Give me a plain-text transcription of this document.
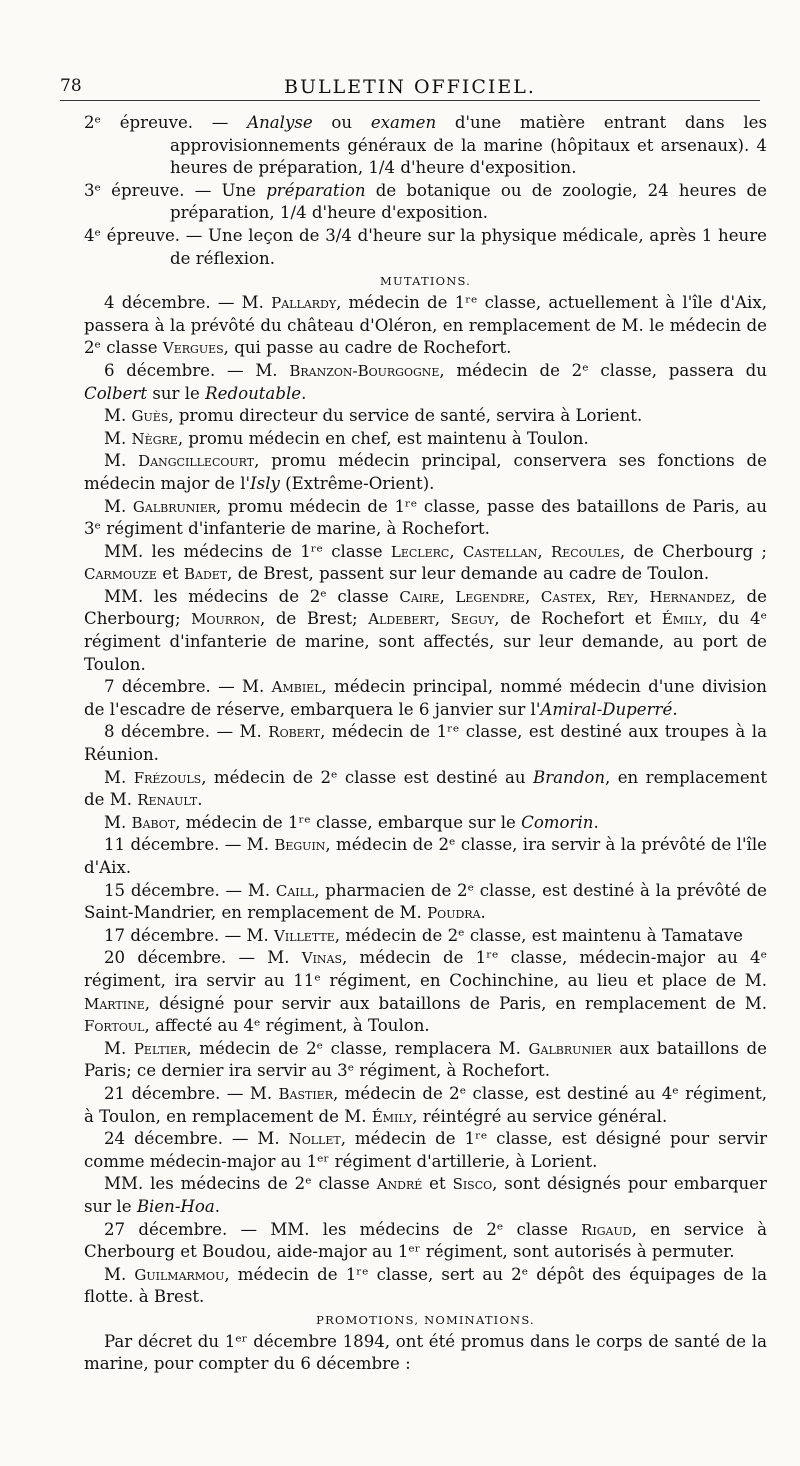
78	BULLETIN OFFICIEL.

2ᵉ épreuve. — Analyse ou examen d'une matière entrant dans les approvisionnements généraux de la marine (hôpitaux et arsenaux). 4 heures de préparation, 1/4 d'heure d'exposition.

3ᵉ épreuve. — Une préparation de botanique ou de zoologie, 24 heures de préparation, 1/4 d'heure d'exposition.

4ᵉ épreuve. — Une leçon de 3/4 d'heure sur la physique médicale, après 1 heure de réflexion.

MUTATIONS.

4 décembre. — M. Pallardy, médecin de 1ʳᵉ classe, actuellement à l'île d'Aix, passera à la prévôté du château d'Oléron, en remplacement de M. le médecin de 2ᵉ classe Vergues, qui passe au cadre de Rochefort.

6 décembre. — M. Branzon-Bourgogne, médecin de 2ᵉ classe, passera du Colbert sur le Redoutable.

M. Guès, promu directeur du service de santé, servira à Lorient.

M. Nègre, promu médecin en chef, est maintenu à Toulon.

M. Dangcillecourt, promu médecin principal, conservera ses fonctions de médecin major de l'Isly (Extrême-Orient).

M. Galbrunier, promu médecin de 1ʳᵉ classe, passe des bataillons de Paris, au 3ᵉ régiment d'infanterie de marine, à Rochefort.

MM. les médecins de 1ʳᵉ classe Leclerc, Castellan, Recoules, de Cherbourg ; Carmouze et Badet, de Brest, passent sur leur demande au cadre de Toulon.

MM. les médecins de 2ᵉ classe Caire, Legendre, Castex, Rey, Hernandez, de Cherbourg; Mourron, de Brest; Aldebert, Seguy, de Rochefort et Émily, du 4ᵉ régiment d'infanterie de marine, sont affectés, sur leur demande, au port de Toulon.

7 décembre. — M. Ambiel, médecin principal, nommé médecin d'une division de l'escadre de réserve, embarquera le 6 janvier sur l'Amiral-Duperré.

8 décembre. — M. Robert, médecin de 1ʳᵉ classe, est destiné aux troupes à la Réunion.

M. Frézouls, médecin de 2ᵉ classe est destiné au Brandon, en remplacement de M. Renault.

M. Babot, médecin de 1ʳᵉ classe, embarque sur le Comorin.

11 décembre. — M. Beguin, médecin de 2ᵉ classe, ira servir à la prévôté de l'île d'Aix.

15 décembre. — M. Caill, pharmacien de 2ᵉ classe, est destiné à la prévôté de Saint-Mandrier, en remplacement de M. Poudra.

17 décembre. — M. Villette, médecin de 2ᵉ classe, est maintenu à Tamatave

20 décembre. — M. Vinas, médecin de 1ʳᵉ classe, médecin-major au 4ᵉ régiment, ira servir au 11ᵉ régiment, en Cochinchine, au lieu et place de M. Martine, désigné pour servir aux bataillons de Paris, en remplacement de M. Fortoul, affecté au 4ᵉ régiment, à Toulon.

M. Peltier, médecin de 2ᵉ classe, remplacera M. Galbrunier aux bataillons de Paris; ce dernier ira servir au 3ᵉ régiment, à Rochefort.

21 décembre. — M. Bastier, médecin de 2ᵉ classe, est destiné au 4ᵉ régiment, à Toulon, en remplacement de M. Émily, réintégré au service général.

24 décembre. — M. Nollet, médecin de 1ʳᵉ classe, est désigné pour servir comme médecin-major au 1ᵉʳ régiment d'artillerie, à Lorient.

MM. les médecins de 2ᵉ classe André et Sisco, sont désignés pour embarquer sur le Bien-Hoa.

27 décembre. — MM. les médecins de 2ᵉ classe Rigaud, en service à Cherbourg et Boudou, aide-major au 1ᵉʳ régiment, sont autorisés à permuter.

M. Guilmarmou, médecin de 1ʳᵉ classe, sert au 2ᵉ dépôt des équipages de la flotte. à Brest.

PROMOTIONS, NOMINATIONS.

Par décret du 1ᵉʳ décembre 1894, ont été promus dans le corps de santé de la marine, pour compter du 6 décembre :
